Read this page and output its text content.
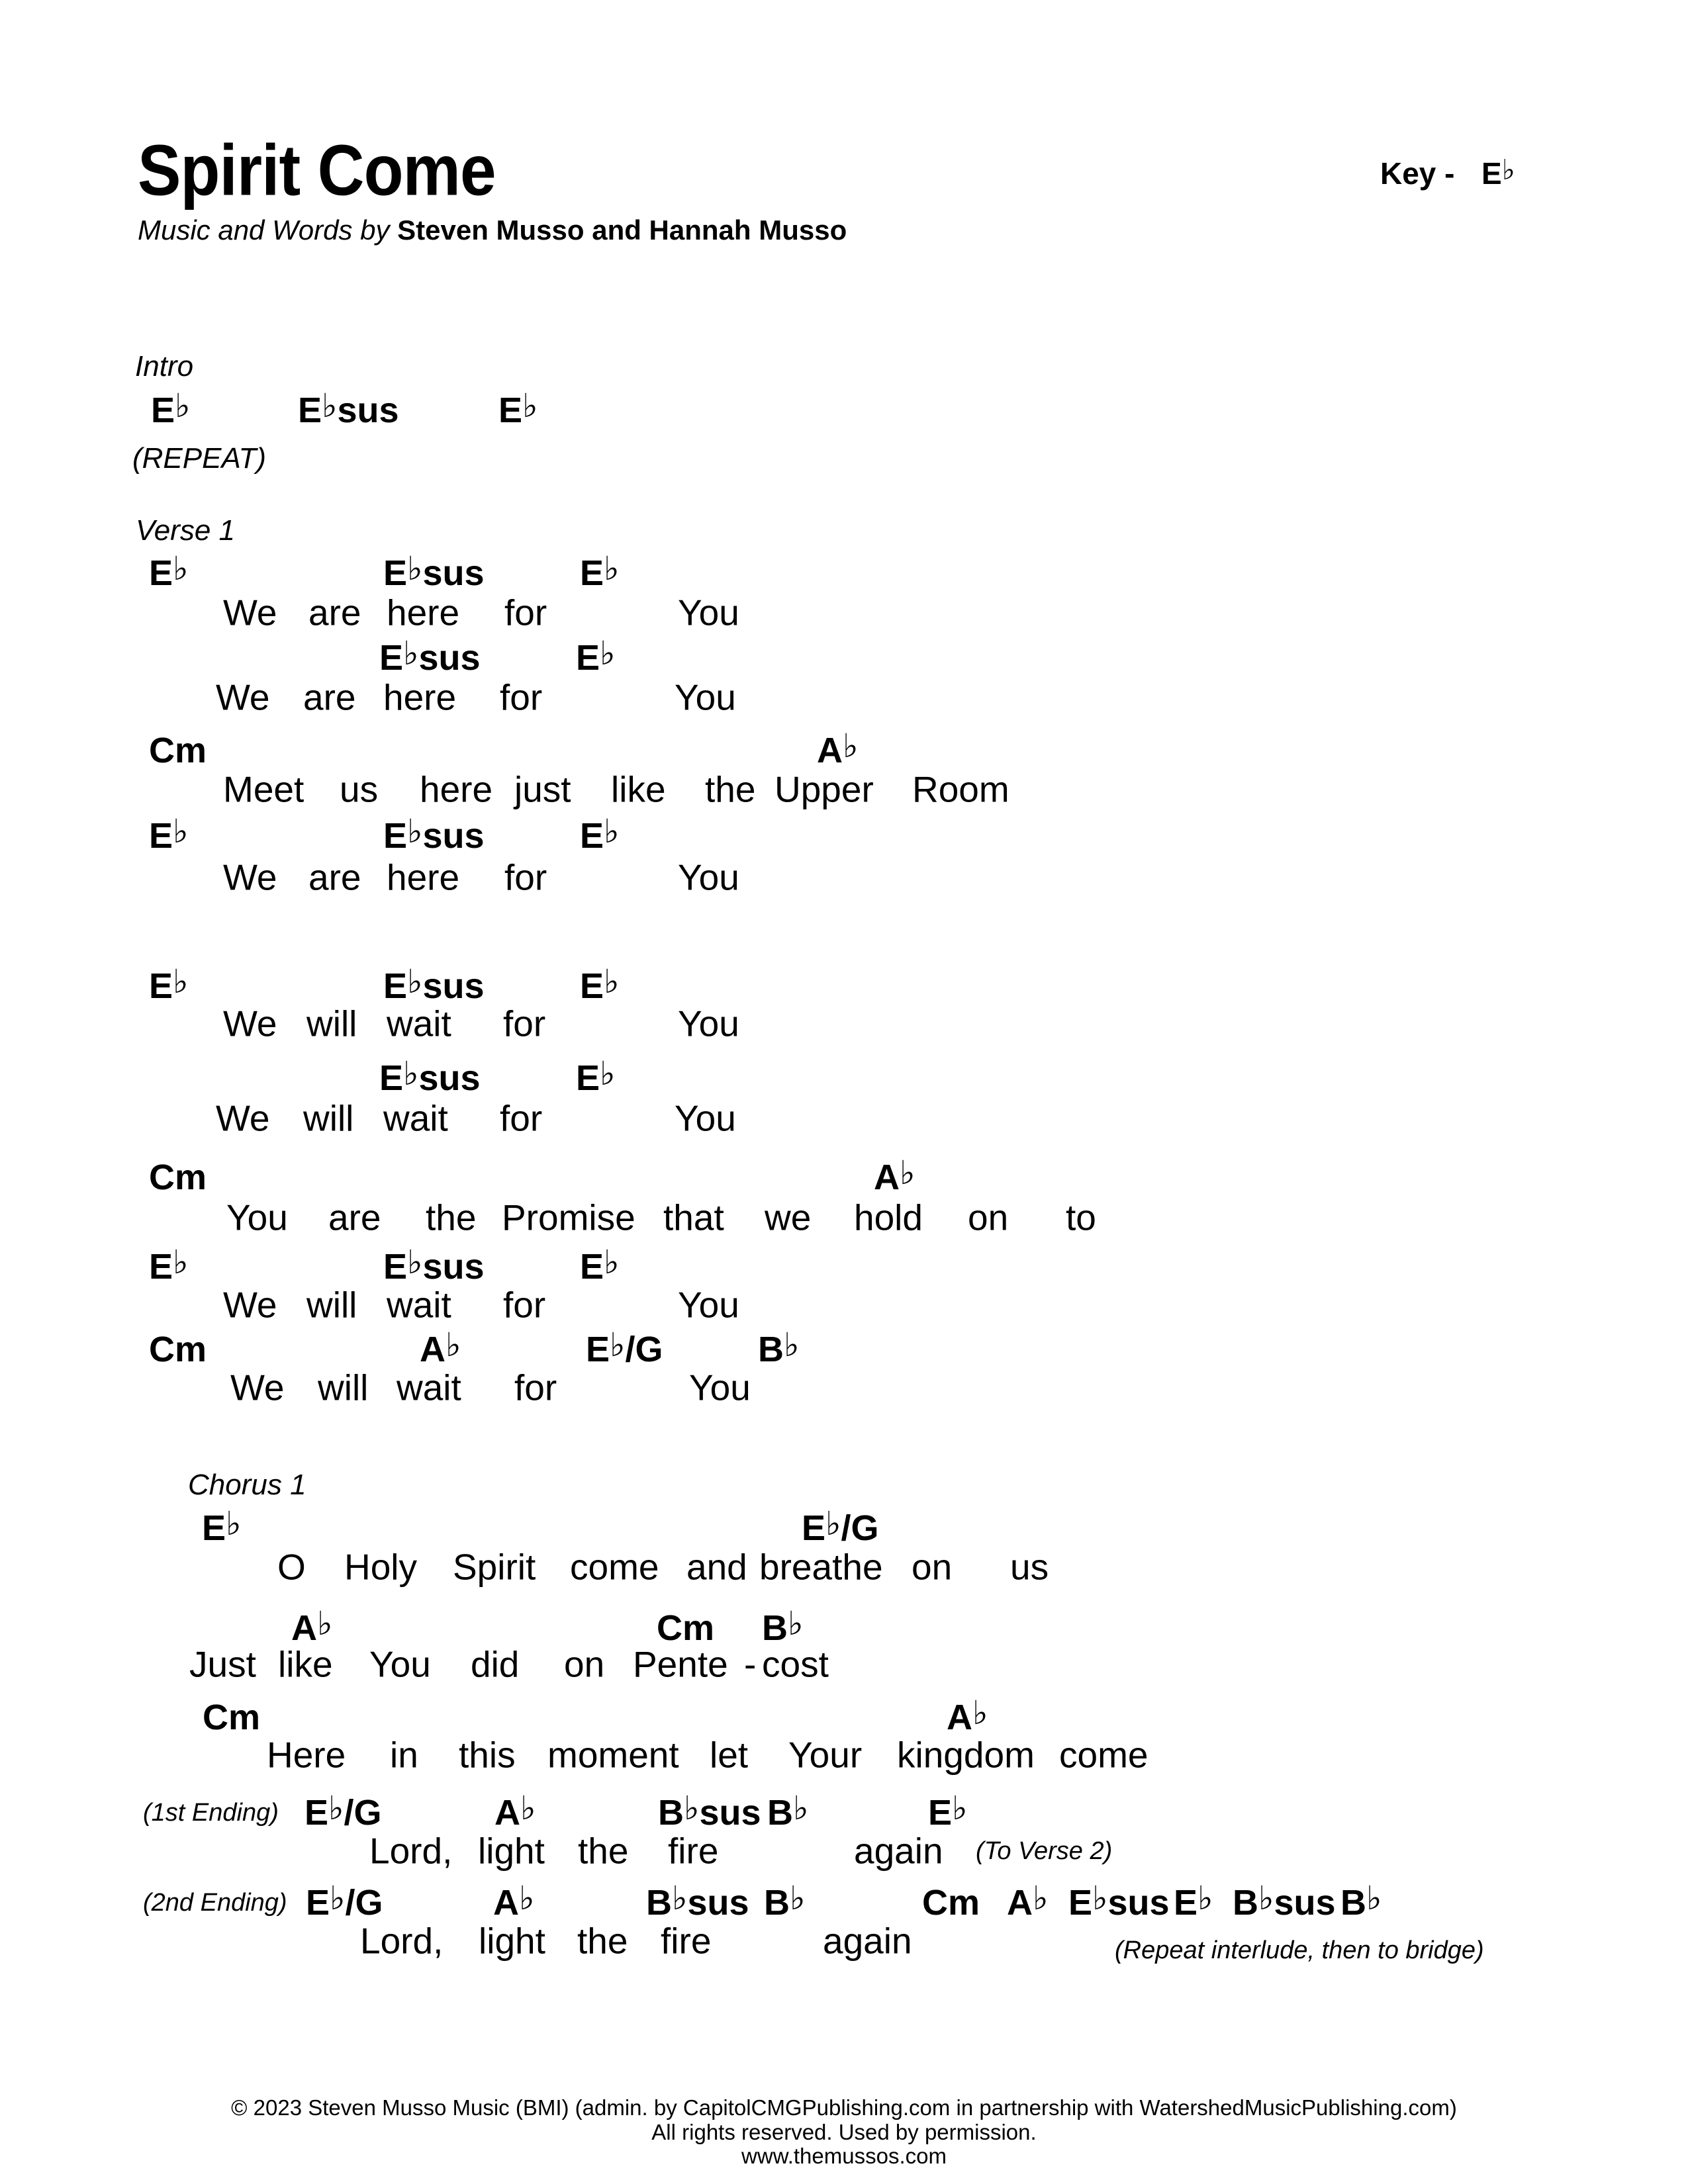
Spirit Come	Key - E♭
Music and Words by Steven Musso and Hannah Musso
Intro
E♭	E♭sus	E♭
(REPEAT)
Verse 1
E♭	E♭sus	E♭
We are here for	You
E♭sus	E♭
We are here for	You
Cm	A♭
Meet us here just like the Upper Room
E♭	E♭sus	E♭
We are here for	You
E♭	E♭sus	E♭
We will wait for	You
E♭sus	E♭
We will wait for	You
Cm	A♭
You are the Promise that we hold on to
E♭	E♭sus	E♭
We will wait for	You
Cm	A♭	E♭/G	B♭
We will wait for	You
Chorus 1
E♭	E♭/G
O Holy Spirit come and breathe on us
A♭	Cm B♭
Just like You did on Pente - cost
Cm	A♭
Here in this moment let Your kingdom come
(1st Ending) E♭/G	A♭	B♭sus B♭	E♭
Lord, light the fire	again (To Verse 2)
(2nd Ending) E♭/G	A♭	B♭sus B♭	Cm A♭ E♭sus E♭ B♭sus B♭
Lord, light the fire	again	(Repeat interlude, then to bridge)
© 2023 Steven Musso Music (BMI) (admin. by CapitolCMGPublishing.com in partnership with WatershedMusicPublishing.com)
All rights reserved. Used by permission.
www.themussos.com
